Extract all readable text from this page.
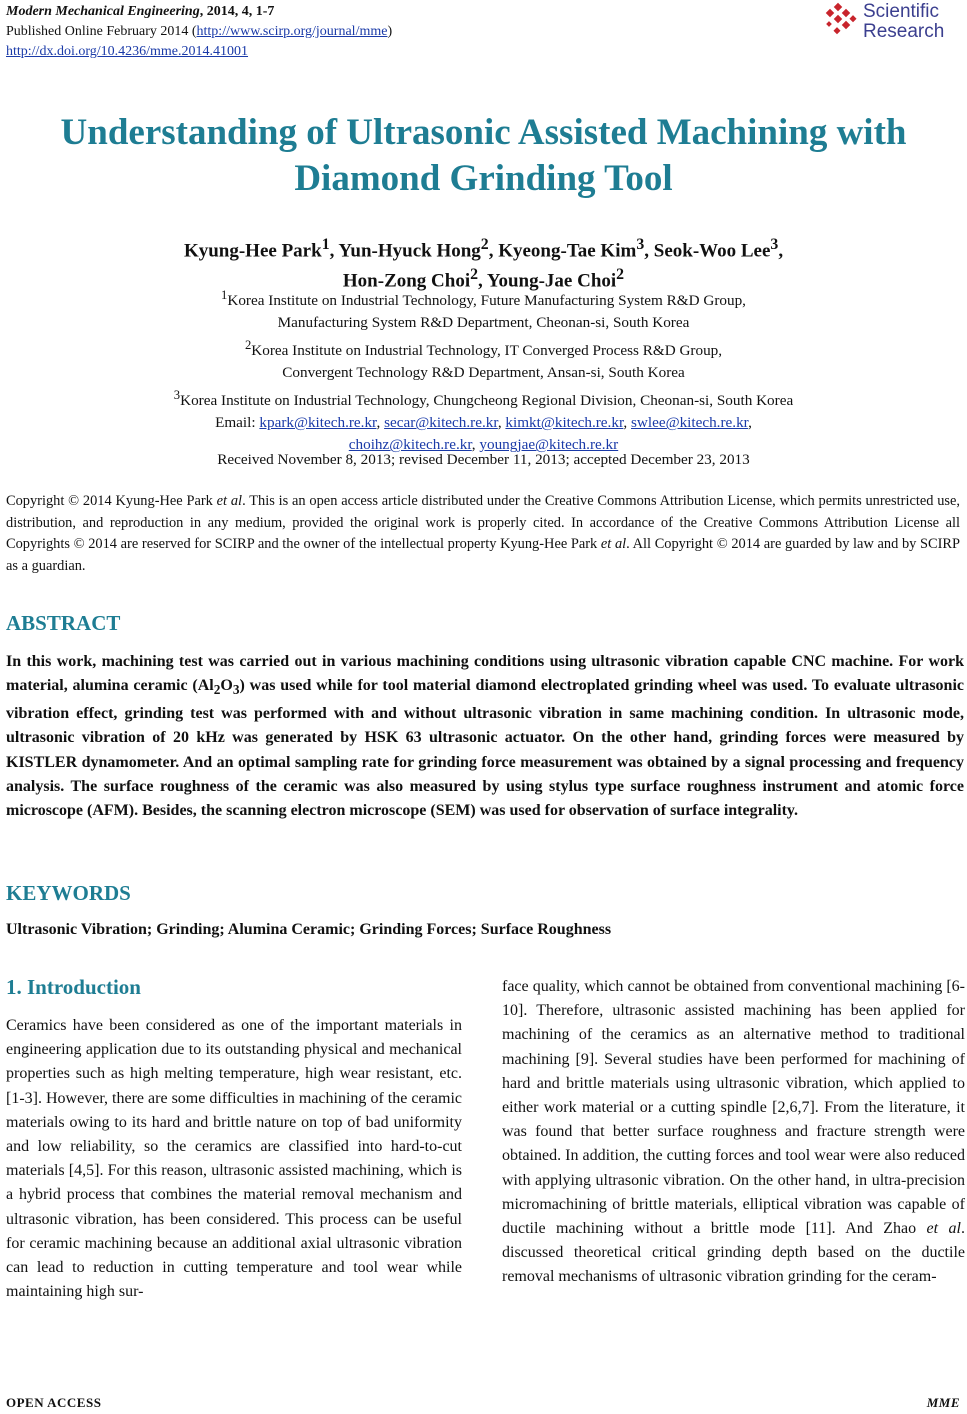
Modern Mechanical Engineering, 2014, 4, 1-7
Published Online February 2014 (http://www.scirp.org/journal/mme)
http://dx.doi.org/10.4236/mme.2014.41001
Scientific
Research
Understanding of Ultrasonic Assisted Machining with
Diamond Grinding Tool
Kyung-Hee Park$^1$, Yun-Hyuck Hong$^2$, Kyeong-Tae Kim$^3$, Seok-Woo Lee$^3$,
Hon-Zong Choi$^2$, Young-Jae Choi$^2$
$^1$Korea Institute on Industrial Technology, Future Manufacturing System R&D Group,
Manufacturing System R&D Department, Cheonan-si, South Korea
$^2$Korea Institute on Industrial Technology, IT Converged Process R&D Group,
Convergent Technology R&D Department, Ansan-si, South Korea
$^3$Korea Institute on Industrial Technology, Chungcheong Regional Division, Cheonan-si, South Korea
Email: kpark@kitech.re.kr, secar@kitech.re.kr, kimkt@kitech.re.kr, swlee@kitech.re.kr,
choihz@kitech.re.kr, youngjae@kitech.re.kr
Received November 8, 2013; revised December 11, 2013; accepted December 23, 2013
Copyright © 2014 Kyung-Hee Park et al. This is an open access article distributed under the Creative Commons Attribution License, which permits unrestricted use, distribution, and reproduction in any medium, provided the original work is properly cited. In accordance of the Creative Commons Attribution License all Copyrights © 2014 are reserved for SCIRP and the owner of the intellectual property Kyung-Hee Park et al. All Copyright © 2014 are guarded by law and by SCIRP as a guardian.
ABSTRACT
In this work, machining test was carried out in various machining conditions using ultrasonic vibration capable CNC machine. For work material, alumina ceramic $(Al_2O_3)$ was used while for tool material diamond electroplated grinding wheel was used. To evaluate ultrasonic vibration effect, grinding test was performed with and without ultrasonic vibration in same machining condition. In ultrasonic mode, ultrasonic vibration of 20 kHz was generated by HSK 63 ultrasonic actuator. On the other hand, grinding forces were measured by KISTLER dynamometer. And an optimal sampling rate for grinding force measurement was obtained by a signal processing and frequency analysis. The surface roughness of the ceramic was also measured by using stylus type surface roughness instrument and atomic force microscope (AFM). Besides, the scanning electron microscope (SEM) was used for observation of surface integrality.
KEYWORDS
Ultrasonic Vibration; Grinding; Alumina Ceramic; Grinding Forces; Surface Roughness
1. Introduction

Ceramics have been considered as one of the important materials in engineering application due to its outstanding physical and mechanical properties such as high melting temperature, high wear resistant, etc. [1-3]. However, there are some difficulties in machining of the ceramic materials owing to its hard and brittle nature on top of bad uniformity and low reliability, so the ceramics are classified into hard-to-cut materials [4,5]. For this reason, ultrasonic assisted machining, which is a hybrid process that combines the material removal mechanism and ultrasonic vibration, has been considered. This process can be useful for ceramic machining because an additional axial ultrasonic vibration can lead to reduction in cutting temperature and tool wear while maintaining high sur-

face quality, which cannot be obtained from conventional machining [6-10]. Therefore, ultrasonic assisted machining has been applied for machining of the ceramics as an alternative method to traditional machining [9]. Several studies have been performed for machining of hard and brittle materials using ultrasonic vibration, which applied to either work material or a cutting spindle [2,6,7]. From the literature, it was found that better surface roughness and fracture strength were obtained. In addition, the cutting forces and tool wear were also reduced with applying ultrasonic vibration. On the other hand, in ultra-precision micromachining of brittle materials, elliptical vibration was capable of ductile machining without a brittle mode [11]. And Zhao et al. discussed theoretical critical grinding depth based on the ductile removal mechanisms of ultrasonic vibration grinding for the ceram-

OPEN ACCESS	MME
